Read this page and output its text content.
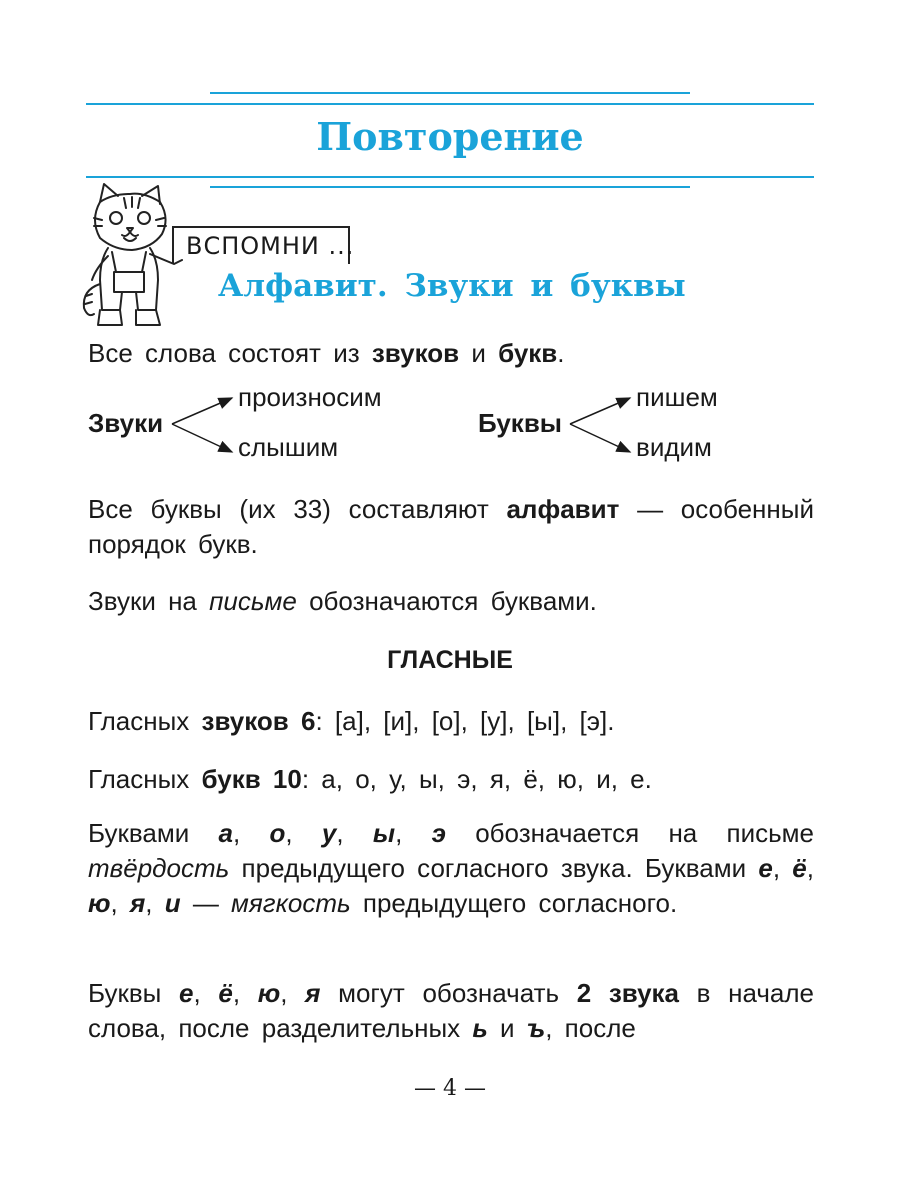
Повторение
ВСПОМНИ ...
Алфавит. Звуки и буквы
Все слова состоят из звуков и букв.
Звуки
произносим
слышим
Буквы
пишем
видим
Все буквы (их 33) составляют алфавит — особенный порядок букв.
Звуки на письме обозначаются буквами.
ГЛАСНЫЕ
Гласных звуков 6: [а], [и], [о], [у], [ы], [э].
Гласных букв 10: а, о, у, ы, э, я, ё, ю, и, е.
Буквами а, о, у, ы, э обозначается на письме твёрдость предыдущего согласного звука. Буквами е, ё, ю, я, и — мягкость предыдущего согласного.
Буквы е, ё, ю, я могут обозначать 2 звука в начале слова, после разделительных ь и ъ, после
— 4 —
